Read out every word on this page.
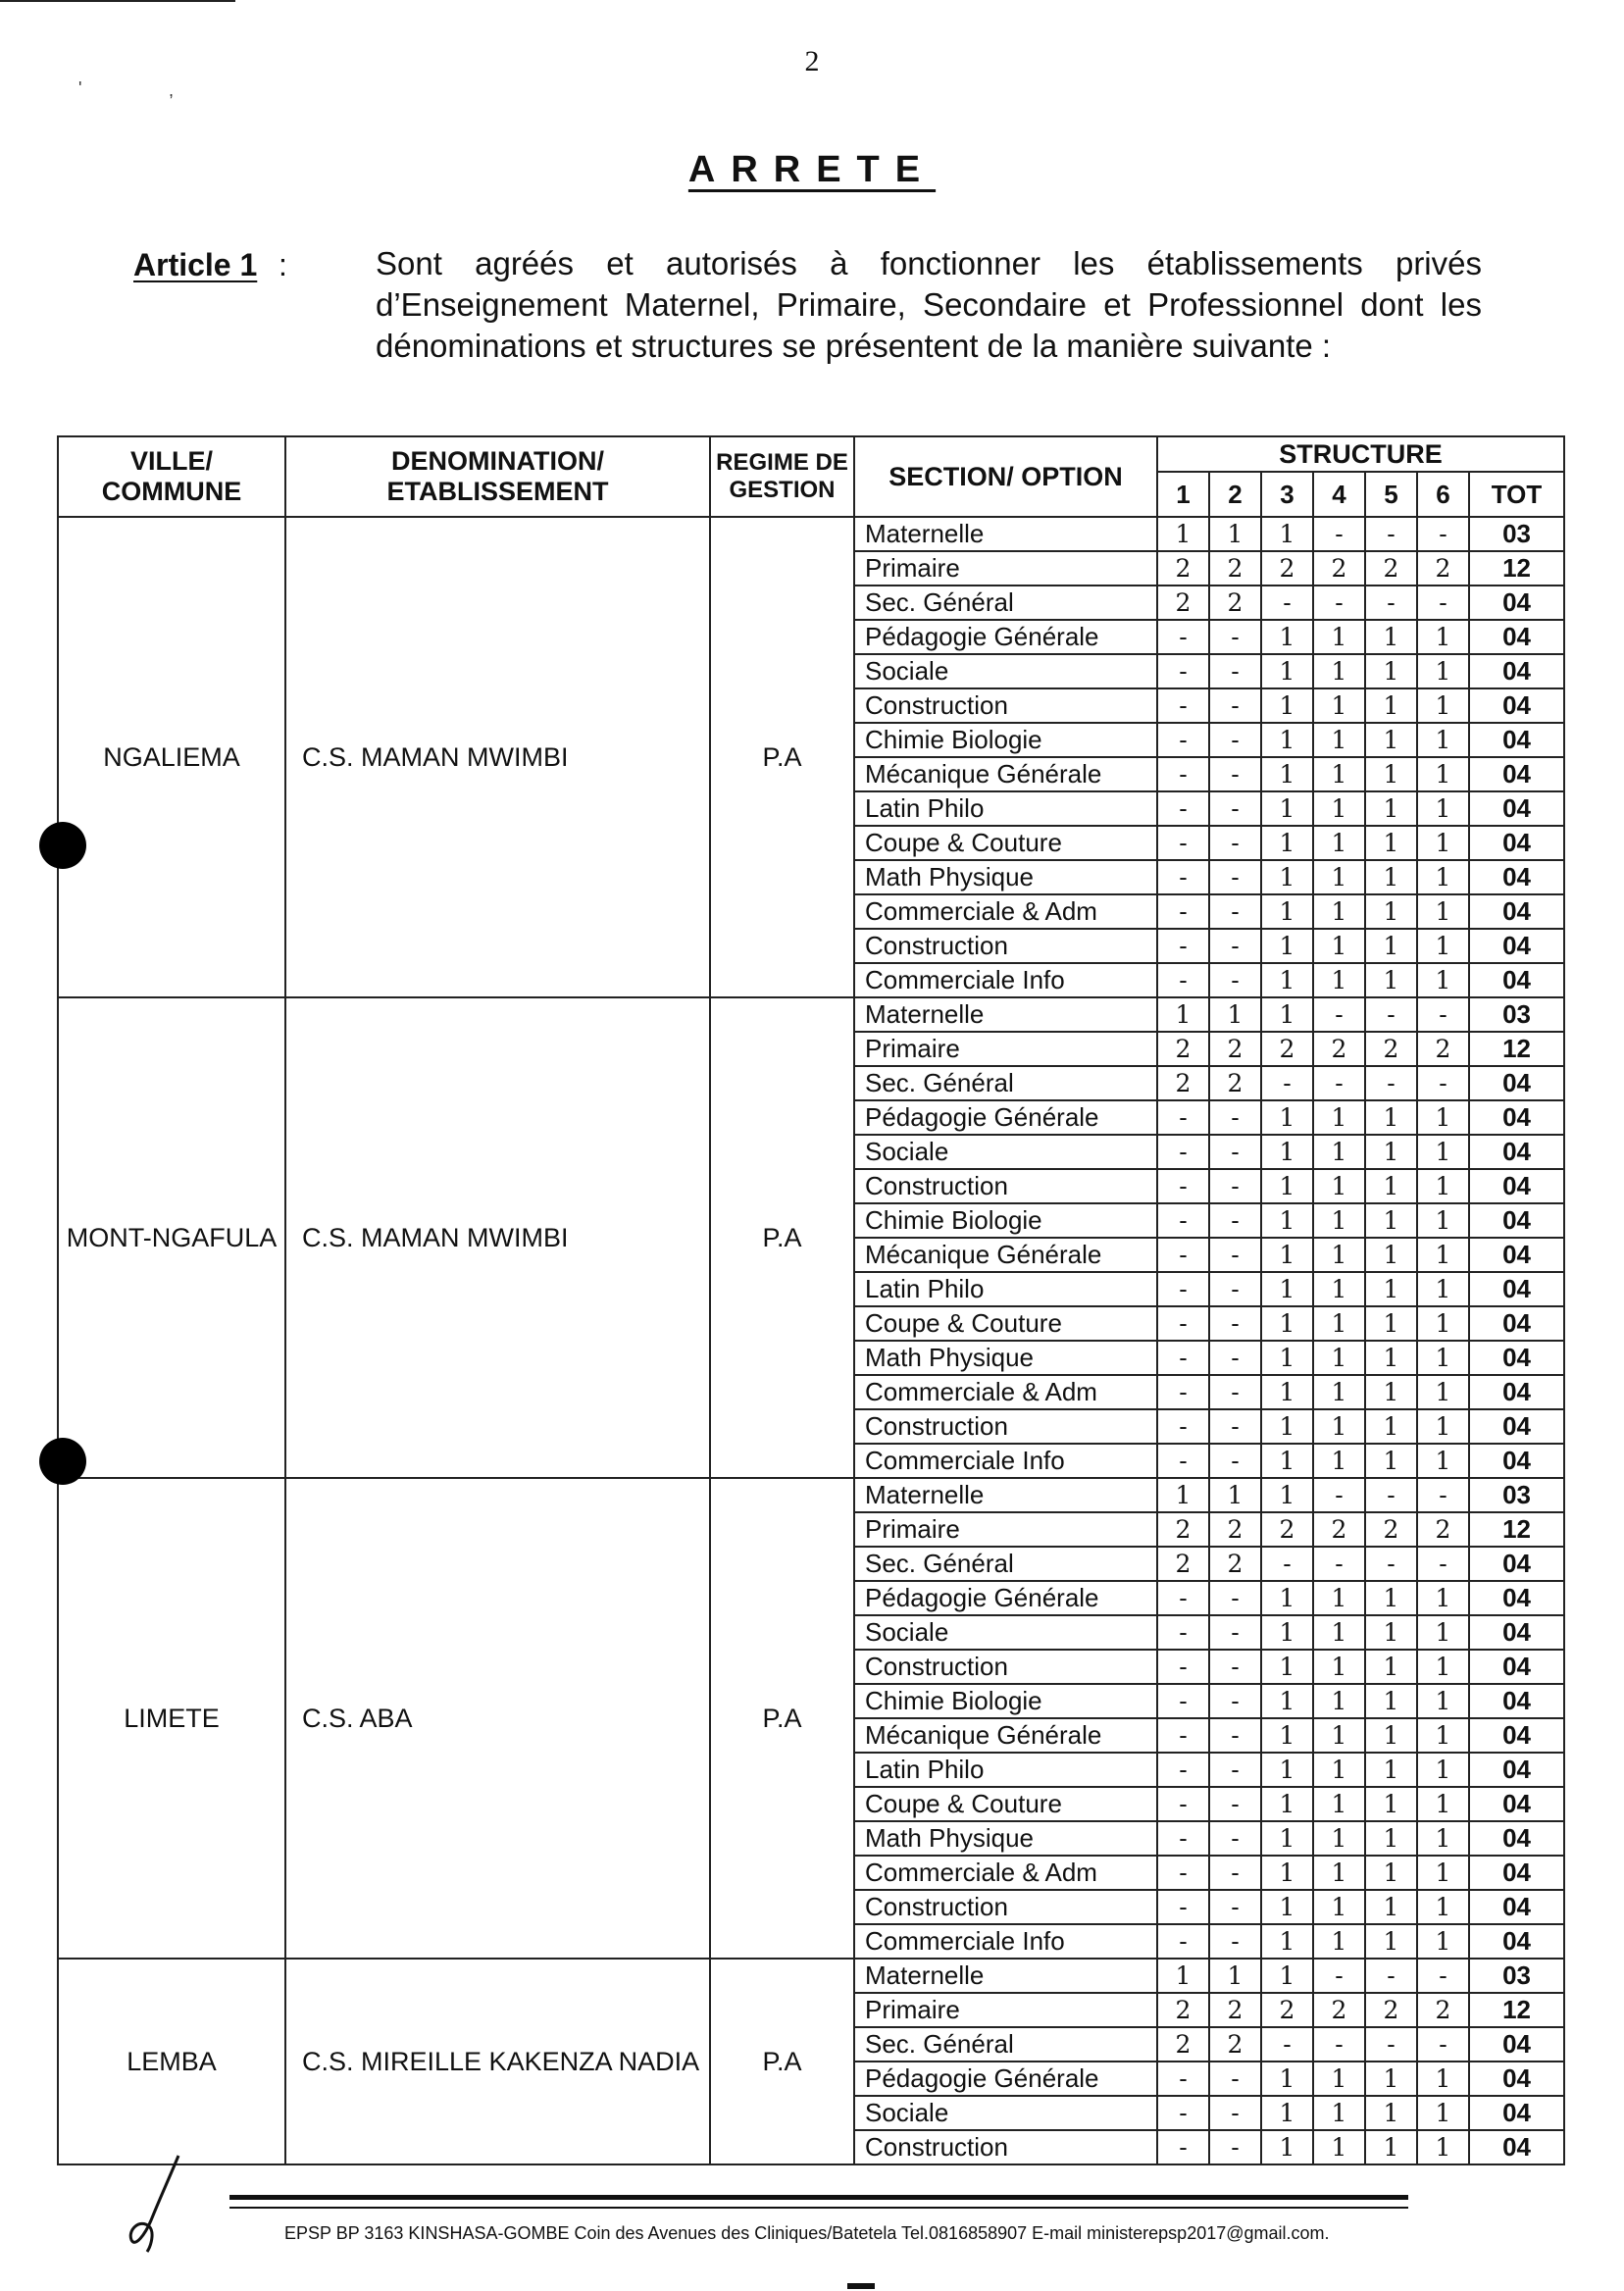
'	,
2
ARRETE
Article 1 :	Sont agréés et autorisés à fonctionner les établissements privés d’Enseignement Maternel, Primaire, Secondaire et Professionnel dont les dénominations et structures se présentent de la manière suivante :
VILLE/ COMMUNE	DENOMINATION/ ETABLISSEMENT	REGIME DE GESTION	SECTION/ OPTION	STRUCTURE						
				1	2	3	4	5	6	TOT
NGALIEMA	C.S. MAMAN MWIMBI	P.A	Maternelle	1	1	1	-	-	-	03
			Primaire	2	2	2	2	2	2	12
			Sec. Général	2	2	-	-	-	-	04
			Pédagogie Générale	-	-	1	1	1	1	04
			Sociale	-	-	1	1	1	1	04
			Construction	-	-	1	1	1	1	04
			Chimie Biologie	-	-	1	1	1	1	04
			Mécanique Générale	-	-	1	1	1	1	04
			Latin Philo	-	-	1	1	1	1	04
			Coupe & Couture	-	-	1	1	1	1	04
			Math Physique	-	-	1	1	1	1	04
			Commerciale & Adm	-	-	1	1	1	1	04
			Construction	-	-	1	1	1	1	04
			Commerciale Info	-	-	1	1	1	1	04
MONT-NGAFULA	C.S. MAMAN MWIMBI	P.A	Maternelle	1	1	1	-	-	-	03
			Primaire	2	2	2	2	2	2	12
			Sec. Général	2	2	-	-	-	-	04
			Pédagogie Générale	-	-	1	1	1	1	04
			Sociale	-	-	1	1	1	1	04
			Construction	-	-	1	1	1	1	04
			Chimie Biologie	-	-	1	1	1	1	04
			Mécanique Générale	-	-	1	1	1	1	04
			Latin Philo	-	-	1	1	1	1	04
			Coupe & Couture	-	-	1	1	1	1	04
			Math Physique	-	-	1	1	1	1	04
			Commerciale & Adm	-	-	1	1	1	1	04
			Construction	-	-	1	1	1	1	04
			Commerciale Info	-	-	1	1	1	1	04
LIMETE	C.S. ABA	P.A	Maternelle	1	1	1	-	-	-	03
			Primaire	2	2	2	2	2	2	12
			Sec. Général	2	2	-	-	-	-	04
			Pédagogie Générale	-	-	1	1	1	1	04
			Sociale	-	-	1	1	1	1	04
			Construction	-	-	1	1	1	1	04
			Chimie Biologie	-	-	1	1	1	1	04
			Mécanique Générale	-	-	1	1	1	1	04
			Latin Philo	-	-	1	1	1	1	04
			Coupe & Couture	-	-	1	1	1	1	04
			Math Physique	-	-	1	1	1	1	04
			Commerciale & Adm	-	-	1	1	1	1	04
			Construction	-	-	1	1	1	1	04
			Commerciale Info	-	-	1	1	1	1	04
LEMBA	C.S. MIREILLE KAKENZA NADIA	P.A	Maternelle	1	1	1	-	-	-	03
			Primaire	2	2	2	2	2	2	12
			Sec. Général	2	2	-	-	-	-	04
			Pédagogie Générale	-	-	1	1	1	1	04
			Sociale	-	-	1	1	1	1	04
			Construction	-	-	1	1	1	1	04
EPSP BP 3163 KINSHASA-GOMBE Coin des Avenues des Cliniques/Batetela Tel.0816858907 E-mail ministerepsp2017@gmail.com.
